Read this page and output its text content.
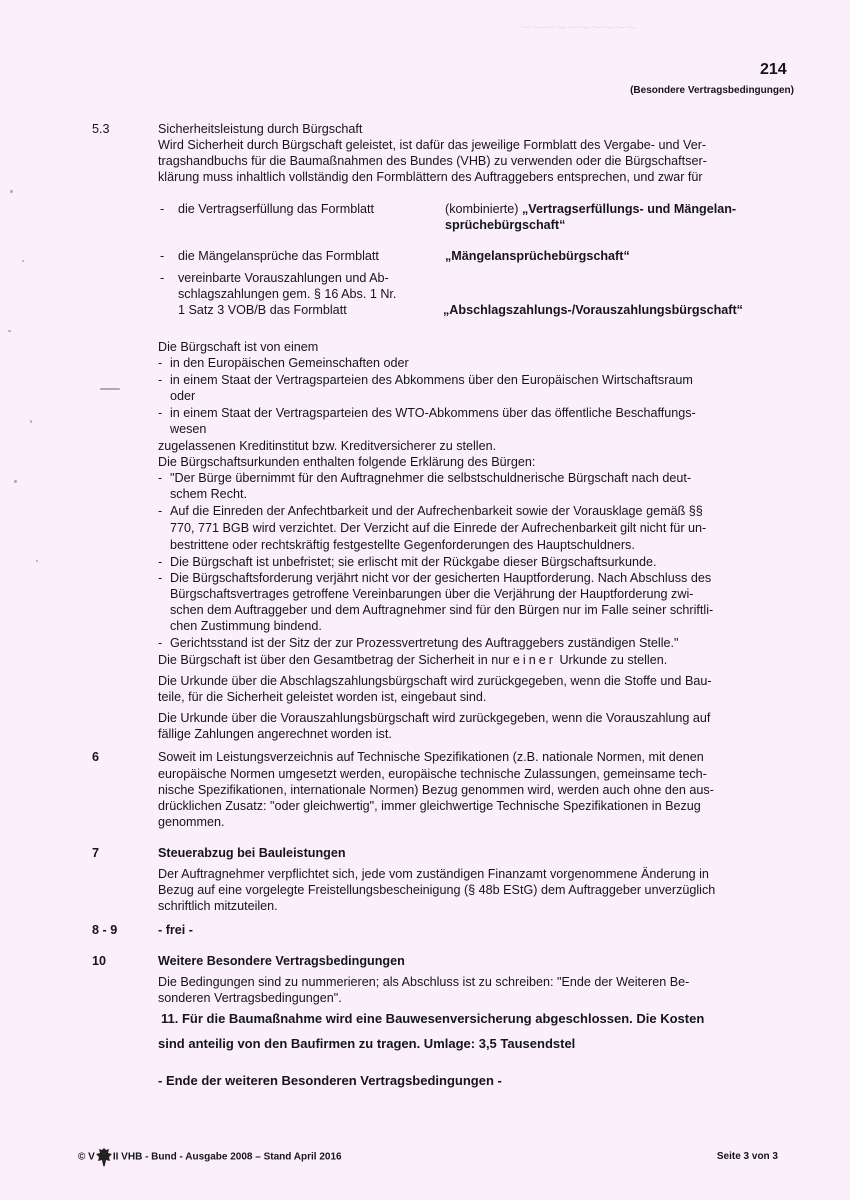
~~~~~~~~~~
214
(Besondere Vertragsbedingungen)
5.3	Sicherheitsleistung durch Bürgschaft
Wird Sicherheit durch Bürgschaft geleistet, ist dafür das jeweilige Formblatt des Vergabe- und Ver-
tragshandbuchs für die Baumaßnahmen des Bundes (VHB) zu verwenden oder die Bürgschaftser-
klärung muss inhaltlich vollständig den Formblättern des Auftraggebers entsprechen, und zwar für
- die Vertragserfüllung das Formblatt	(kombinierte) „Vertragserfüllungs- und Mängelan-
sprüchebürgschaft“
- die Mängelansprüche das Formblatt	„Mängelansprüchebürgschaft“
- vereinbarte Vorauszahlungen und Ab-
schlagszahlungen gem. § 16 Abs. 1 Nr.
1 Satz 3 VOB/B das Formblatt	„Abschlagszahlungs-/Vorauszahlungsbürgschaft“
Die Bürgschaft ist von einem
- in den Europäischen Gemeinschaften oder
- in einem Staat der Vertragsparteien des Abkommens über den Europäischen Wirtschaftsraum
oder
- in einem Staat der Vertragsparteien des WTO-Abkommens über das öffentliche Beschaffungs-
wesen
zugelassenen Kreditinstitut bzw. Kreditversicherer zu stellen.
Die Bürgschaftsurkunden enthalten folgende Erklärung des Bürgen:
- "Der Bürge übernimmt für den Auftragnehmer die selbstschuldnerische Bürgschaft nach deut-
schem Recht.
- Auf die Einreden der Anfechtbarkeit und der Aufrechenbarkeit sowie der Vorausklage gemäß §§
770, 771 BGB wird verzichtet. Der Verzicht auf die Einrede der Aufrechenbarkeit gilt nicht für un-
bestrittene oder rechtskräftig festgestellte Gegenforderungen des Hauptschuldners.
- Die Bürgschaft ist unbefristet; sie erlischt mit der Rückgabe dieser Bürgschaftsurkunde.
- Die Bürgschaftsforderung verjährt nicht vor der gesicherten Hauptforderung. Nach Abschluss des
Bürgschaftsvertrages getroffene Vereinbarungen über die Verjährung der Hauptforderung zwi-
schen dem Auftraggeber und dem Auftragnehmer sind für den Bürgen nur im Falle seiner schriftli-
chen Zustimmung bindend.
- Gerichtsstand ist der Sitz der zur Prozessvertretung des Auftraggebers zuständigen Stelle."
Die Bürgschaft ist über den Gesamtbetrag der Sicherheit in nur einer Urkunde zu stellen.
Die Urkunde über die Abschlagszahlungsbürgschaft wird zurückgegeben, wenn die Stoffe und Bau-
teile, für die Sicherheit geleistet worden ist, eingebaut sind.
Die Urkunde über die Vorauszahlungsbürgschaft wird zurückgegeben, wenn die Vorauszahlung auf
fällige Zahlungen angerechnet worden ist.
6	Soweit im Leistungsverzeichnis auf Technische Spezifikationen (z.B. nationale Normen, mit denen
europäische Normen umgesetzt werden, europäische technische Zulassungen, gemeinsame tech-
nische Spezifikationen, internationale Normen) Bezug genommen wird, werden auch ohne den aus-
drücklichen Zusatz: "oder gleichwertig", immer gleichwertige Technische Spezifikationen in Bezug
genommen.
7	Steuerabzug bei Bauleistungen
Der Auftragnehmer verpflichtet sich, jede vom zuständigen Finanzamt vorgenommene Änderung in
Bezug auf eine vorgelegte Freistellungsbescheinigung (§ 48b EStG) dem Auftraggeber unverzüglich
schriftlich mitzuteilen.
8 - 9	- frei -
10	Weitere Besondere Vertragsbedingungen
Die Bedingungen sind zu nummerieren; als Abschluss ist zu schreiben: "Ende der Weiteren Be-
sonderen Vertragsbedingungen".
11. Für die Baumaßnahme wird eine Bauwesenversicherung abgeschlossen. Die Kosten
sind anteilig von den Baufirmen zu tragen. Umlage: 3,5 Tausendstel
- Ende der weiteren Besonderen Vertragsbedingungen -
© V II VHB - Bund - Ausgabe 2008 – Stand April 2016	Seite 3 von 3
